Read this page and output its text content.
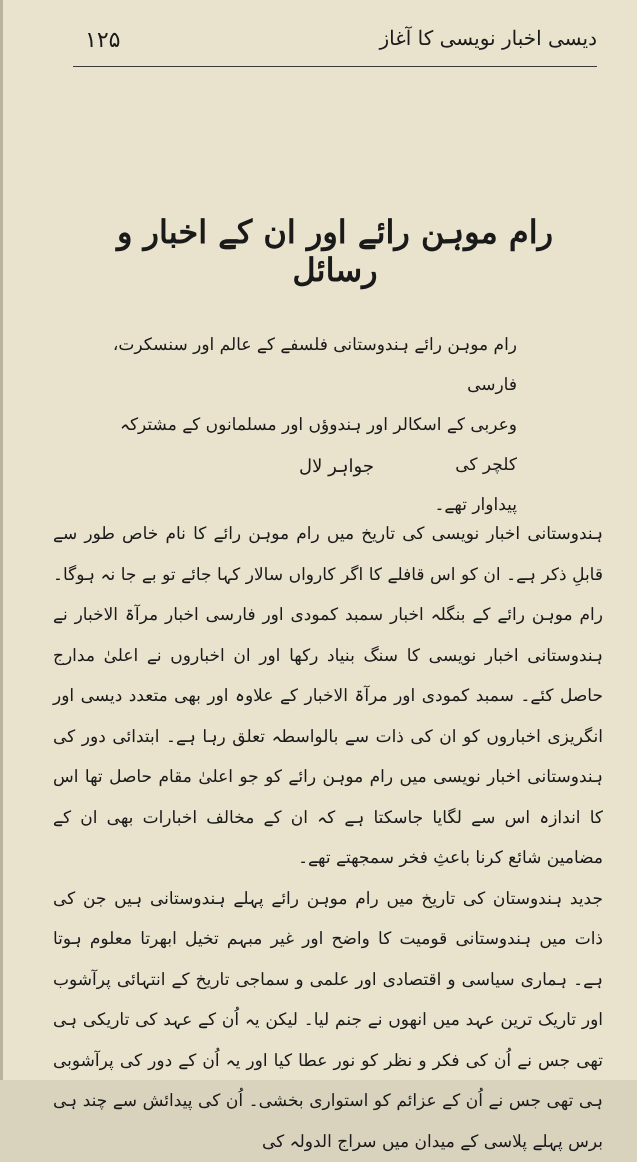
۱۲۵	دیسی اخبار نویسی کا آغاز
رام موہن رائے اور ان کے اخبار و رسائل

رام موہن رائے ہندوستانی فلسفے کے عالم اور سنسکرت، فارسی

وعربی کے اسکالر اور ہندوؤں اور مسلمانوں کے مشترکہ کلچر کی

پیداوار تھے۔

جواہر لال

ہندوستانی اخبار نویسی کی تاریخ میں رام موہن رائے کا نام خاص طور سے قابلِ ذکر ہے۔ ان کو اس قافلے کا اگر کارواں سالار کہا جائے تو بے جا نہ ہوگا۔ رام موہن رائے کے بنگلہ اخبار سمبد کمودی اور فارسی اخبار مرآۃ الاخبار نے ہندوستانی اخبار نویسی کا سنگ بنیاد رکھا اور ان اخباروں نے اعلیٰ مدارج حاصل کئے۔ سمبد کمودی اور مرآۃ الاخبار کے علاوہ اور بھی متعدد دیسی اور انگریزی اخباروں کو ان کی ذات سے بالواسطہ تعلق رہا ہے۔ ابتدائی دور کی ہندوستانی اخبار نویسی میں رام موہن رائے کو جو اعلیٰ مقام حاصل تھا اس کا اندازہ اس سے لگایا جاسکتا ہے کہ ان کے مخالف اخبارات بھی ان کے مضامین شائع کرنا باعثِ فخر سمجھتے تھے۔

جدید ہندوستان کی تاریخ میں رام موہن رائے پہلے ہندوستانی ہیں جن کی ذات میں ہندوستانی قومیت کا واضح اور غیر مبہم تخیل ابھرتا معلوم ہوتا ہے۔ ہماری سیاسی و اقتصادی اور علمی و سماجی تاریخ کے انتہائی پرآشوب اور تاریک ترین عہد میں انھوں نے جنم لیا۔ لیکن یہ اُن کے عہد کی تاریکی ہی تھی جس نے اُن کی فکر و نظر کو نور عطا کیا اور یہ اُن کے دور کی پرآشوبی ہی تھی جس نے اُن کے عزائم کو استواری بخشی۔ اُن کی پیدائش سے چند ہی برس پہلے پلاسی کے میدان میں سراج الدولہ کی
